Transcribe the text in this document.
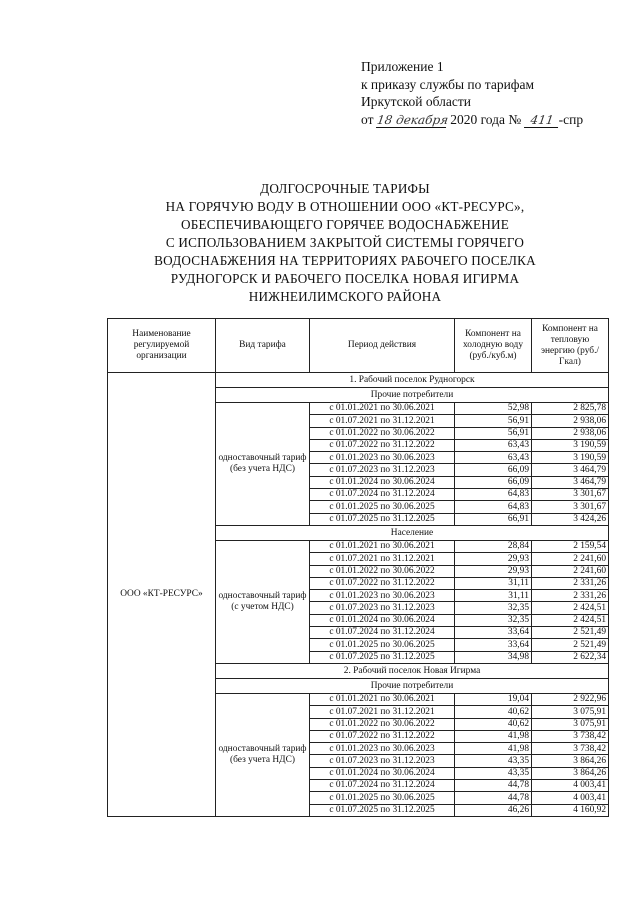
Приложение 1
к приказу службы по тарифам
Иркутской области
от 18 декабря 2020 года № 411 -спр
ДОЛГОСРОЧНЫЕ ТАРИФЫ
НА ГОРЯЧУЮ ВОДУ В ОТНОШЕНИИ ООО «КТ-РЕСУРС»,
ОБЕСПЕЧИВАЮЩЕГО ГОРЯЧЕЕ ВОДОСНАБЖЕНИЕ
С ИСПОЛЬЗОВАНИЕМ ЗАКРЫТОЙ СИСТЕМЫ ГОРЯЧЕГО
ВОДОСНАБЖЕНИЯ НА ТЕРРИТОРИЯХ РАБОЧЕГО ПОСЕЛКА
РУДНОГОРСК И РАБОЧЕГО ПОСЕЛКА НОВАЯ ИГИРМА
НИЖНЕИЛИМСКОГО РАЙОНА
Наименование регулируемой организации	Вид тарифа	Период действия	Компонент на холодную воду (руб./куб.м)	Компонент на тепловую энергию (руб./Гкал)
ООО «КТ-РЕСУРС»	1. Рабочий поселок Рудногорск			
	Прочие потребители			
	одноставочный тариф (без учета НДС)	с 01.01.2021 по 30.06.2021	52,98	2 825,78
		с 01.07.2021 по 31.12.2021	56,91	2 938,06
		с 01.01.2022 по 30.06.2022	56,91	2 938,06
		с 01.07.2022 по 31.12.2022	63,43	3 190,59
		с 01.01.2023 по 30.06.2023	63,43	3 190,59
		с 01.07.2023 по 31.12.2023	66,09	3 464,79
		с 01.01.2024 по 30.06.2024	66,09	3 464,79
		с 01.07.2024 по 31.12.2024	64,83	3 301,67
		с 01.01.2025 по 30.06.2025	64,83	3 301,67
		с 01.07.2025 по 31.12.2025	66,91	3 424,26
	Население			
	одноставочный тариф (с учетом НДС)	с 01.01.2021 по 30.06.2021	28,84	2 159,54
		с 01.07.2021 по 31.12.2021	29,93	2 241,60
		с 01.01.2022 по 30.06.2022	29,93	2 241,60
		с 01.07.2022 по 31.12.2022	31,11	2 331,26
		с 01.01.2023 по 30.06.2023	31,11	2 331,26
		с 01.07.2023 по 31.12.2023	32,35	2 424,51
		с 01.01.2024 по 30.06.2024	32,35	2 424,51
		с 01.07.2024 по 31.12.2024	33,64	2 521,49
		с 01.01.2025 по 30.06.2025	33,64	2 521,49
		с 01.07.2025 по 31.12.2025	34,98	2 622,34
	2. Рабочий поселок Новая Игирма			
	Прочие потребители			
	одноставочный тариф (без учета НДС)	с 01.01.2021 по 30.06.2021	19,04	2 922,96
		с 01.07.2021 по 31.12.2021	40,62	3 075,91
		с 01.01.2022 по 30.06.2022	40,62	3 075,91
		с 01.07.2022 по 31.12.2022	41,98	3 738,42
		с 01.01.2023 по 30.06.2023	41,98	3 738,42
		с 01.07.2023 по 31.12.2023	43,35	3 864,26
		с 01.01.2024 по 30.06.2024	43,35	3 864,26
		с 01.07.2024 по 31.12.2024	44,78	4 003,41
		с 01.01.2025 по 30.06.2025	44,78	4 003,41
		с 01.07.2025 по 31.12.2025	46,26	4 160,92
